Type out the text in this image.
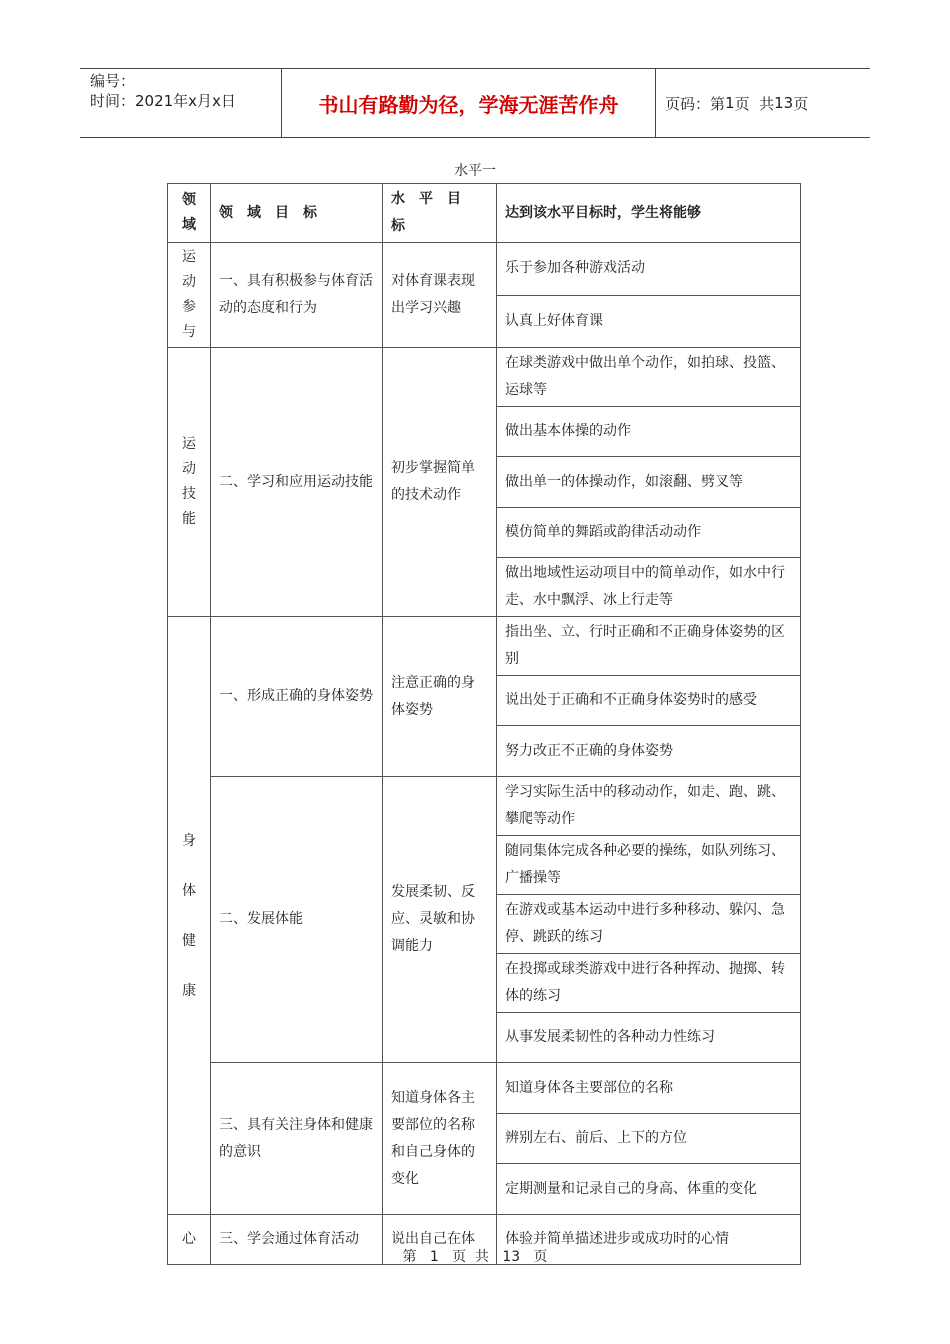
编号：
时间：2021年x月x日	书山有路勤为径，学海无涯苦作舟	页码：第 1 页  共 13 页
水平一
领域	领　域　目　标	水　平　目　标	达到该水平目标时，学生将能够
运动参与	一、具有积极参与体育活动的态度和行为	对体育课表现出学习兴趣	乐于参加各种游戏活动
			认真上好体育课
运动技能	二、学习和应用运动技能	初步掌握简单的技术动作	在球类游戏中做出单个动作，如拍球、投篮、运球等
			做出基本体操的动作
			做出单一的体操动作，如滚翻、劈叉等
			模仿简单的舞蹈或韵律活动动作
			做出地域性运动项目中的简单动作，如水中行走、水中飘浮、冰上行走等
身体健康	一、形成正确的身体姿势	注意正确的身体姿势	指出坐、立、行时正确和不正确身体姿势的区别
			说出处于正确和不正确身体姿势时的感受
			努力改正不正确的身体姿势
	二、发展体能	发展柔韧、反应、灵敏和协调能力	学习实际生活中的移动动作，如走、跑、跳、攀爬等动作
			随同集体完成各种必要的操练，如队列练习、广播操等
			在游戏或基本运动中进行多种移动、躲闪、急停、跳跃的练习
			在投掷或球类游戏中进行各种挥动、抛掷、转体的练习
			从事发展柔韧性的各种动力性练习
	三、具有关注身体和健康的意识	知道身体各主要部位的名称和自己身体的变化	知道身体各主要部位的名称
			辨别左右、前后、上下的方位
			定期测量和记录自己的身高、体重的变化
心	三、学会通过体育活动	说出自己在体	体验并简单描述进步或成功时的心情
第 1 页  共 13 页
